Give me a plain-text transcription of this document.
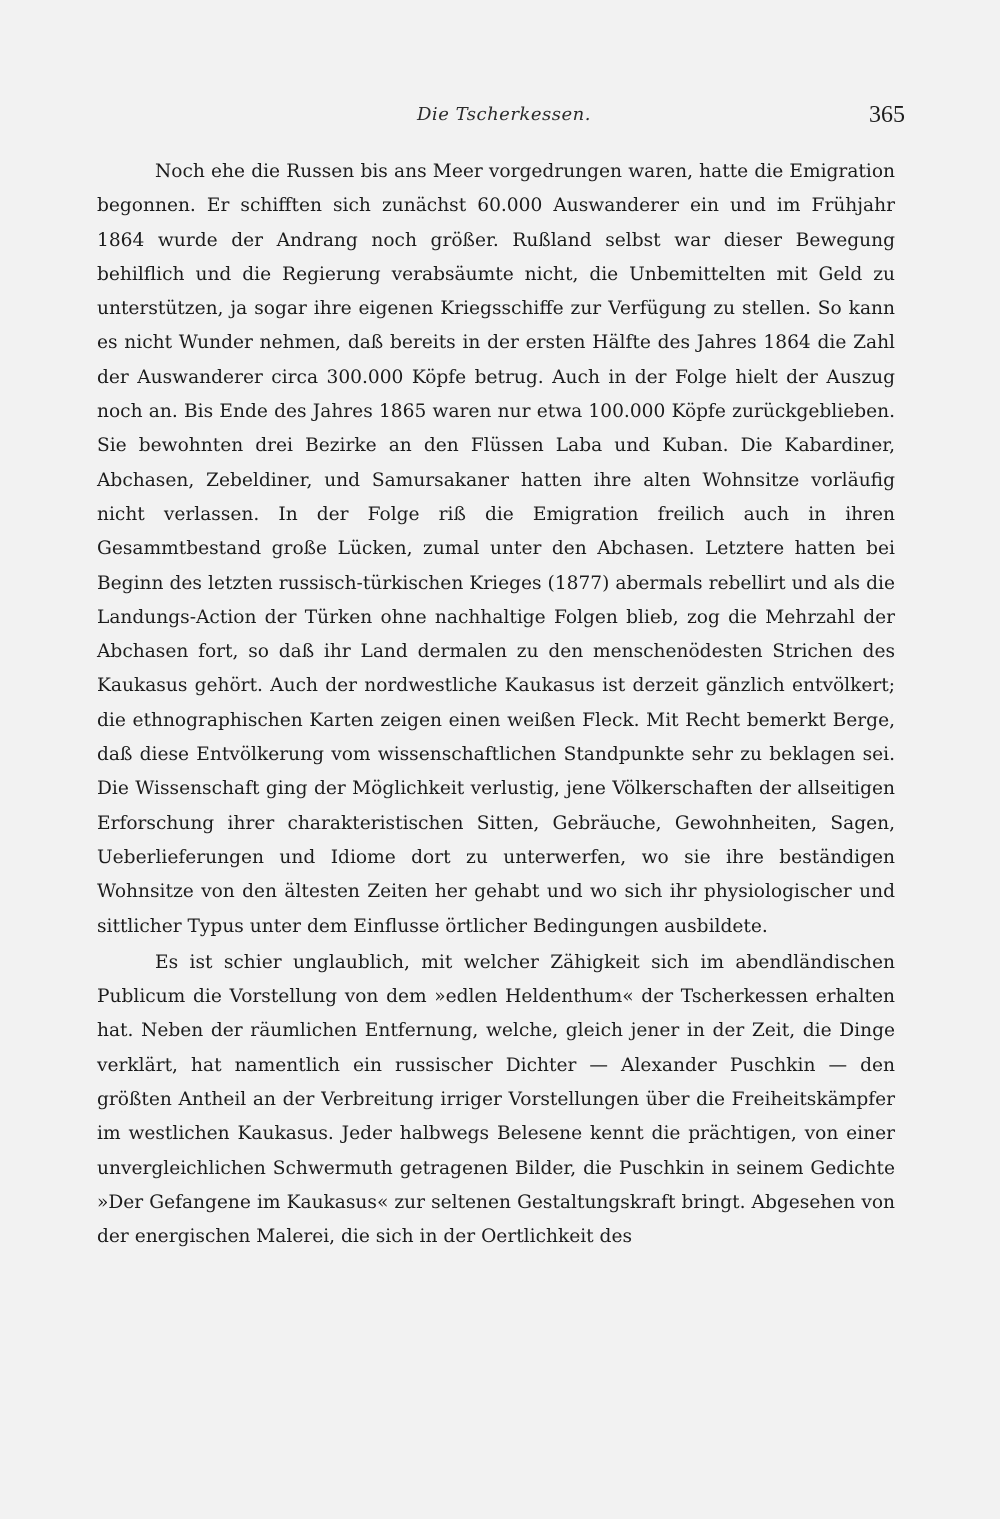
Die Tscherkessen.	365

Noch ehe die Russen bis ans Meer vorgedrungen waren, hatte die Emigration begonnen. Er schifften sich zunächst 60.000 Auswanderer ein und im Frühjahr 1864 wurde der Andrang noch größer. Rußland selbst war dieser Bewegung behilflich und die Regierung verabsäumte nicht, die Unbemittelten mit Geld zu unterstützen, ja sogar ihre eigenen Kriegsschiffe zur Verfügung zu stellen. So kann es nicht Wunder nehmen, daß bereits in der ersten Hälfte des Jahres 1864 die Zahl der Auswanderer circa 300.000 Köpfe betrug. Auch in der Folge hielt der Auszug noch an. Bis Ende des Jahres 1865 waren nur etwa 100.000 Köpfe zurückgeblieben. Sie bewohnten drei Bezirke an den Flüssen Laba und Kuban. Die Kabardiner, Abchasen, Zebeldiner, und Samursakaner hatten ihre alten Wohnsitze vorläufig nicht verlassen. In der Folge riß die Emigration freilich auch in ihren Gesammtbestand große Lücken, zumal unter den Abchasen. Letztere hatten bei Beginn des letzten russisch-türkischen Krieges (1877) abermals rebellirt und als die Landungs-Action der Türken ohne nachhaltige Folgen blieb, zog die Mehrzahl der Abchasen fort, so daß ihr Land dermalen zu den menschenödesten Strichen des Kaukasus gehört. Auch der nordwestliche Kaukasus ist derzeit gänzlich entvölkert; die ethnographischen Karten zeigen einen weißen Fleck. Mit Recht bemerkt Berge, daß diese Entvölkerung vom wissenschaftlichen Standpunkte sehr zu beklagen sei. Die Wissenschaft ging der Möglichkeit verlustig, jene Völkerschaften der allseitigen Erforschung ihrer charakteristischen Sitten, Gebräuche, Gewohnheiten, Sagen, Ueberlieferungen und Idiome dort zu unterwerfen, wo sie ihre beständigen Wohnsitze von den ältesten Zeiten her gehabt und wo sich ihr physiologischer und sittlicher Typus unter dem Einflusse örtlicher Bedingungen ausbildete.

Es ist schier unglaublich, mit welcher Zähigkeit sich im abendländischen Publicum die Vorstellung von dem »edlen Heldenthum« der Tscherkessen erhalten hat. Neben der räumlichen Entfernung, welche, gleich jener in der Zeit, die Dinge verklärt, hat namentlich ein russischer Dichter — Alexander Puschkin — den größten Antheil an der Verbreitung irriger Vorstellungen über die Freiheitskämpfer im westlichen Kaukasus. Jeder halbwegs Belesene kennt die prächtigen, von einer unvergleichlichen Schwermuth getragenen Bilder, die Puschkin in seinem Gedichte »Der Gefangene im Kaukasus« zur seltenen Gestaltungskraft bringt. Abgesehen von der energischen Malerei, die sich in der Oertlichkeit des
